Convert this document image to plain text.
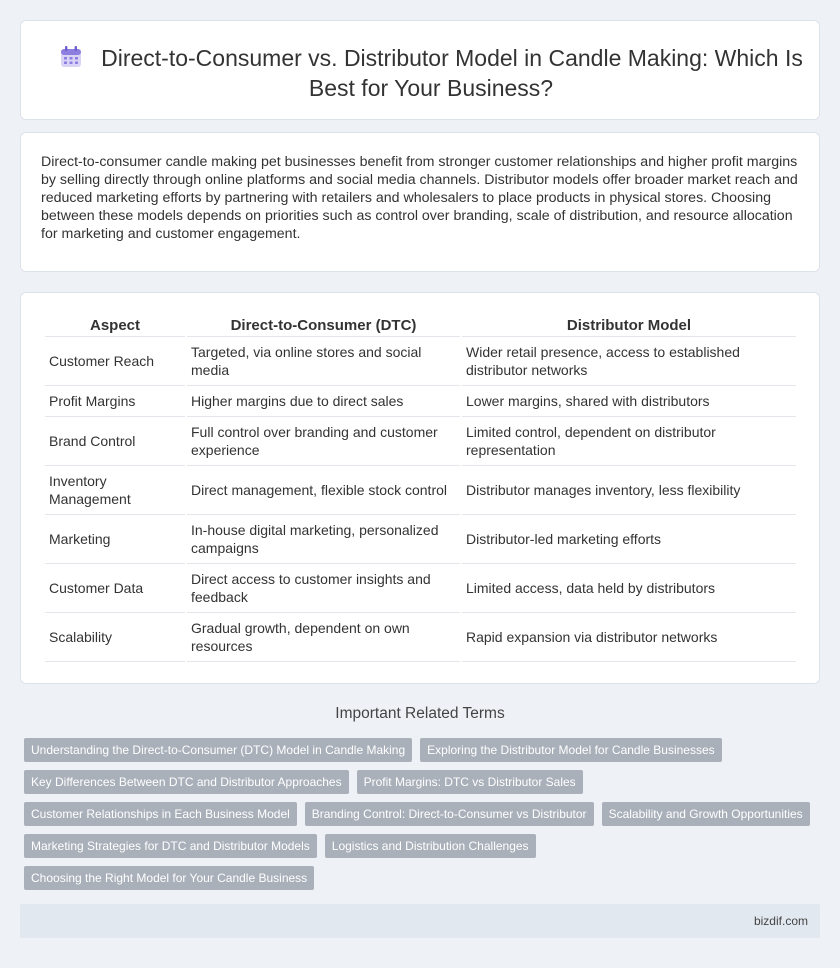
Direct-to-Consumer vs. Distributor Model in Candle Making: Which Is Best for Your Business?

Direct-to-consumer candle making pet businesses benefit from stronger customer relationships and higher profit margins by selling directly through online platforms and social media channels. Distributor models offer broader market reach and reduced marketing efforts by partnering with retailers and wholesalers to place products in physical stores. Choosing between these models depends on priorities such as control over branding, scale of distribution, and resource allocation for marketing and customer engagement.

Aspect	Direct-to-Consumer (DTC)	Distributor Model
Customer Reach	Targeted, via online stores and social media	Wider retail presence, access to established distributor networks
Profit Margins	Higher margins due to direct sales	Lower margins, shared with distributors
Brand Control	Full control over branding and customer experience	Limited control, dependent on distributor representation
Inventory Management	Direct management, flexible stock control	Distributor manages inventory, less flexibility
Marketing	In-house digital marketing, personalized campaigns	Distributor-led marketing efforts
Customer Data	Direct access to customer insights and feedback	Limited access, data held by distributors
Scalability	Gradual growth, dependent on own resources	Rapid expansion via distributor networks
Important Related Terms
Understanding the Direct-to-Consumer (DTC) Model in Candle Making	Exploring the Distributor Model for Candle Businesses
Key Differences Between DTC and Distributor Approaches	Profit Margins: DTC vs Distributor Sales
Customer Relationships in Each Business Model	Branding Control: Direct-to-Consumer vs Distributor	Scalability and Growth Opportunities
Marketing Strategies for DTC and Distributor Models	Logistics and Distribution Challenges
Choosing the Right Model for Your Candle Business
bizdif.com
